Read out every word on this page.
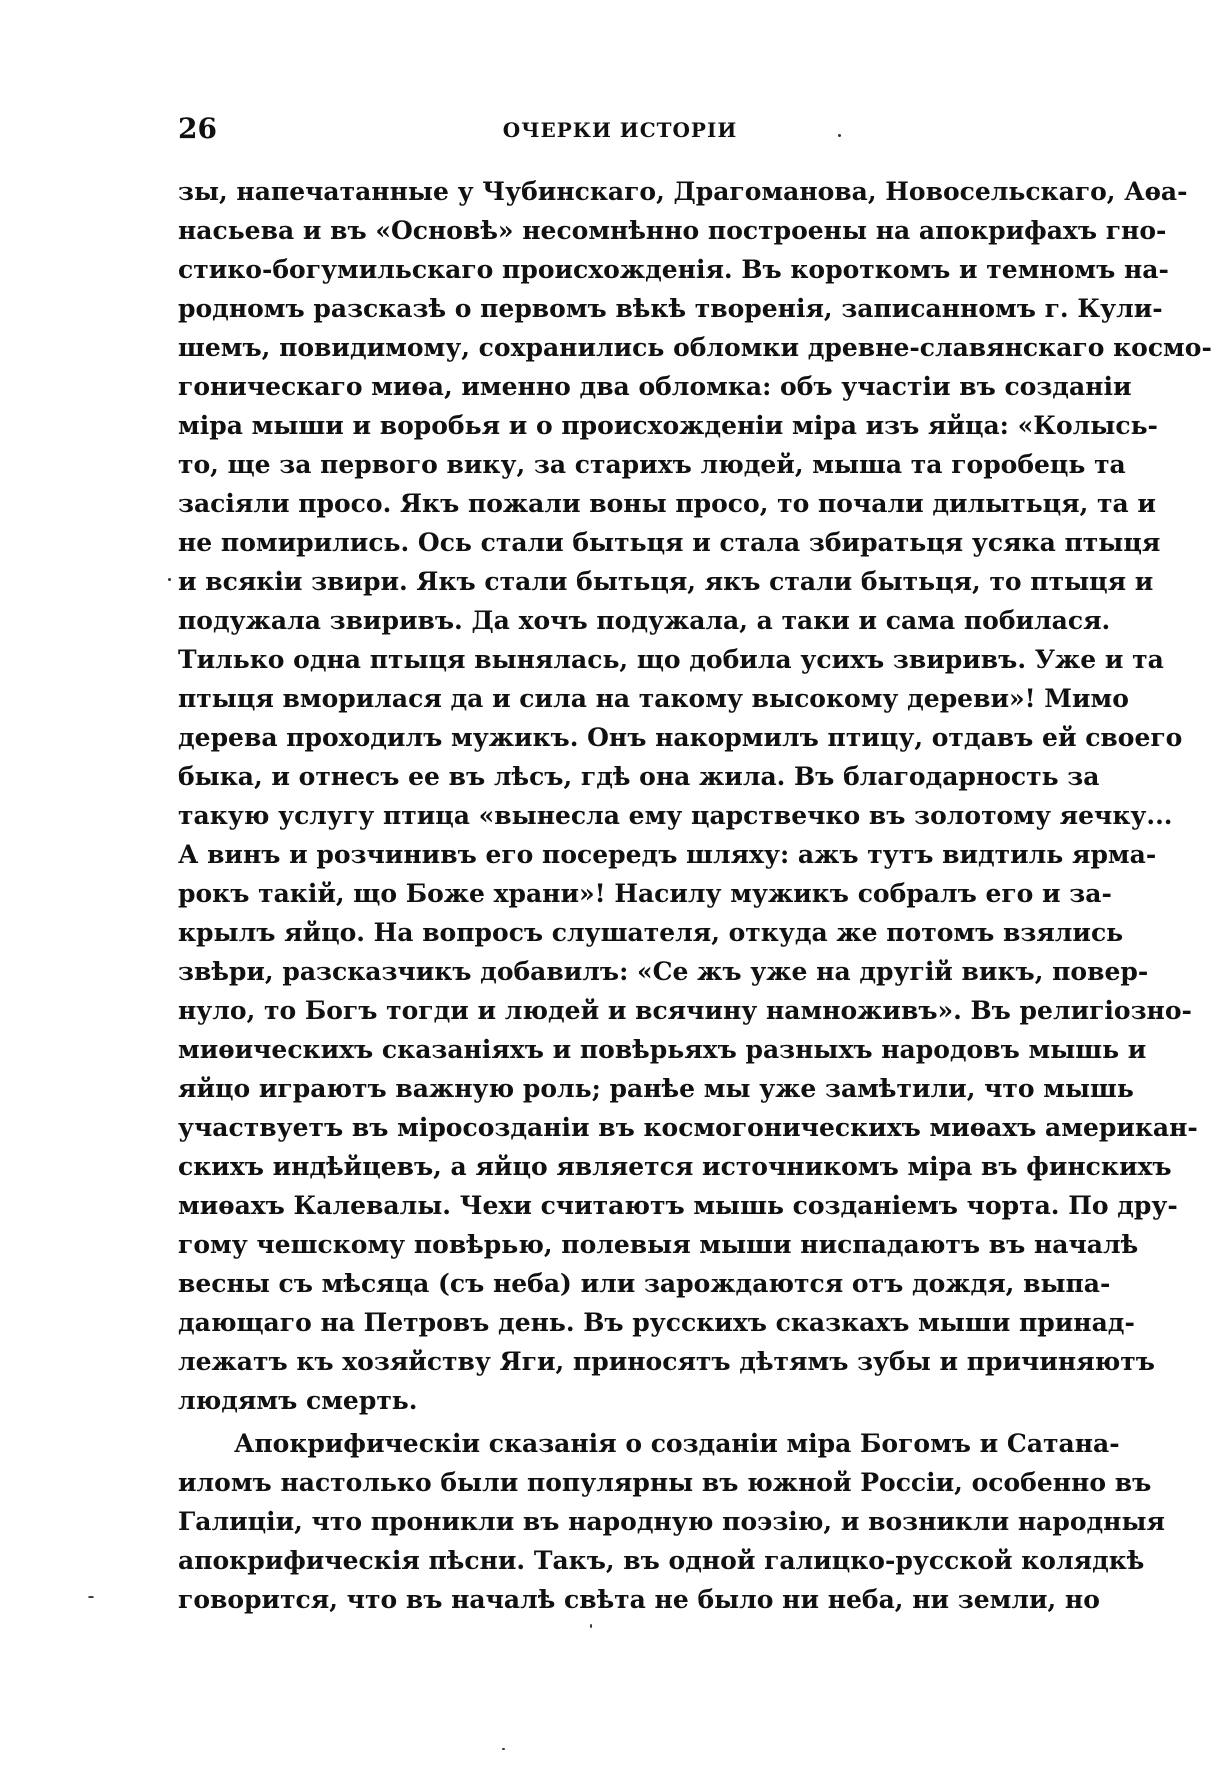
26	ОЧЕРКИ ИСТОРІИ
зы, напечатанные у Чубинскаго, Драгоманова, Новосельскаго, Аѳа-
насьева и въ «Основѣ» несомнѣнно построены на апокрифахъ гно-
стико-богумильскаго происхожденія. Въ короткомъ и темномъ на-
родномъ разсказѣ о первомъ вѣкѣ творенія, записанномъ г. Кули-
шемъ, повидимому, сохранились обломки древне-славянскаго космо-
гоническаго миѳа, именно два обломка: объ участіи въ созданіи
міра мыши и воробья и о происхожденіи міра изъ яйца: «Колысь-
то, ще за первого вику, за старихъ людей, мыша та горобець та
засіяли просо. Якъ пожали воны просо, то почали дилытьця, та и
не помирились. Ось стали бытьця и стала збиратьця усяка птыця
и всякіи звири. Якъ стали бытьця, якъ стали бытьця, то птыця и
подужала звиривъ. Да хочъ подужала, а таки и сама побилася.
Тилько одна птыця вынялась, що добила усихъ звиривъ. Уже и та
птыця вморилася да и сила на такому высокому дереви»! Мимо
дерева проходилъ мужикъ. Онъ накормилъ птицу, отдавъ ей своего
быка, и отнесъ ее въ лѣсъ, гдѣ она жила. Въ благодарность за
такую услугу птица «вынесла ему царствечко въ золотому яечку...
А винъ и розчинивъ его посередъ шляху: ажъ тутъ видтиль ярма-
рокъ такій, що Боже храни»! Насилу мужикъ собралъ его и за-
крылъ яйцо. На вопросъ слушателя, откуда же потомъ взялись
звѣри, разсказчикъ добавилъ: «Се жъ уже на другій викъ, повер-
нуло, то Богъ тогди и людей и всячину намноживъ». Въ религіозно-
миѳическихъ сказаніяхъ и повѣрьяхъ разныхъ народовъ мышь и
яйцо играютъ важную роль; ранѣе мы уже замѣтили, что мышь
участвуетъ въ міросозданіи въ космогоническихъ миѳахъ американ-
скихъ индѣйцевъ, а яйцо является источникомъ міра въ финскихъ
миѳахъ Калевалы. Чехи считаютъ мышь созданіемъ чорта. По дру-
гому чешскому повѣрью, полевыя мыши ниспадаютъ въ началѣ
весны съ мѣсяца (съ неба) или зарождаются отъ дождя, выпа-
дающаго на Петровъ день. Въ русскихъ сказкахъ мыши принад-
лежатъ къ хозяйству Яги, приносятъ дѣтямъ зубы и причиняютъ
людямъ смерть.
Апокрифическіи сказанія о созданіи міра Богомъ и Сатана-
иломъ настолько были популярны въ южной Россіи, особенно въ
Галиціи, что проникли въ народную поэзію, и возникли народныя
апокрифическія пѣсни. Такъ, въ одной галицко-русской колядкѣ
говорится, что въ началѣ свѣта не было ни неба, ни земли, но
